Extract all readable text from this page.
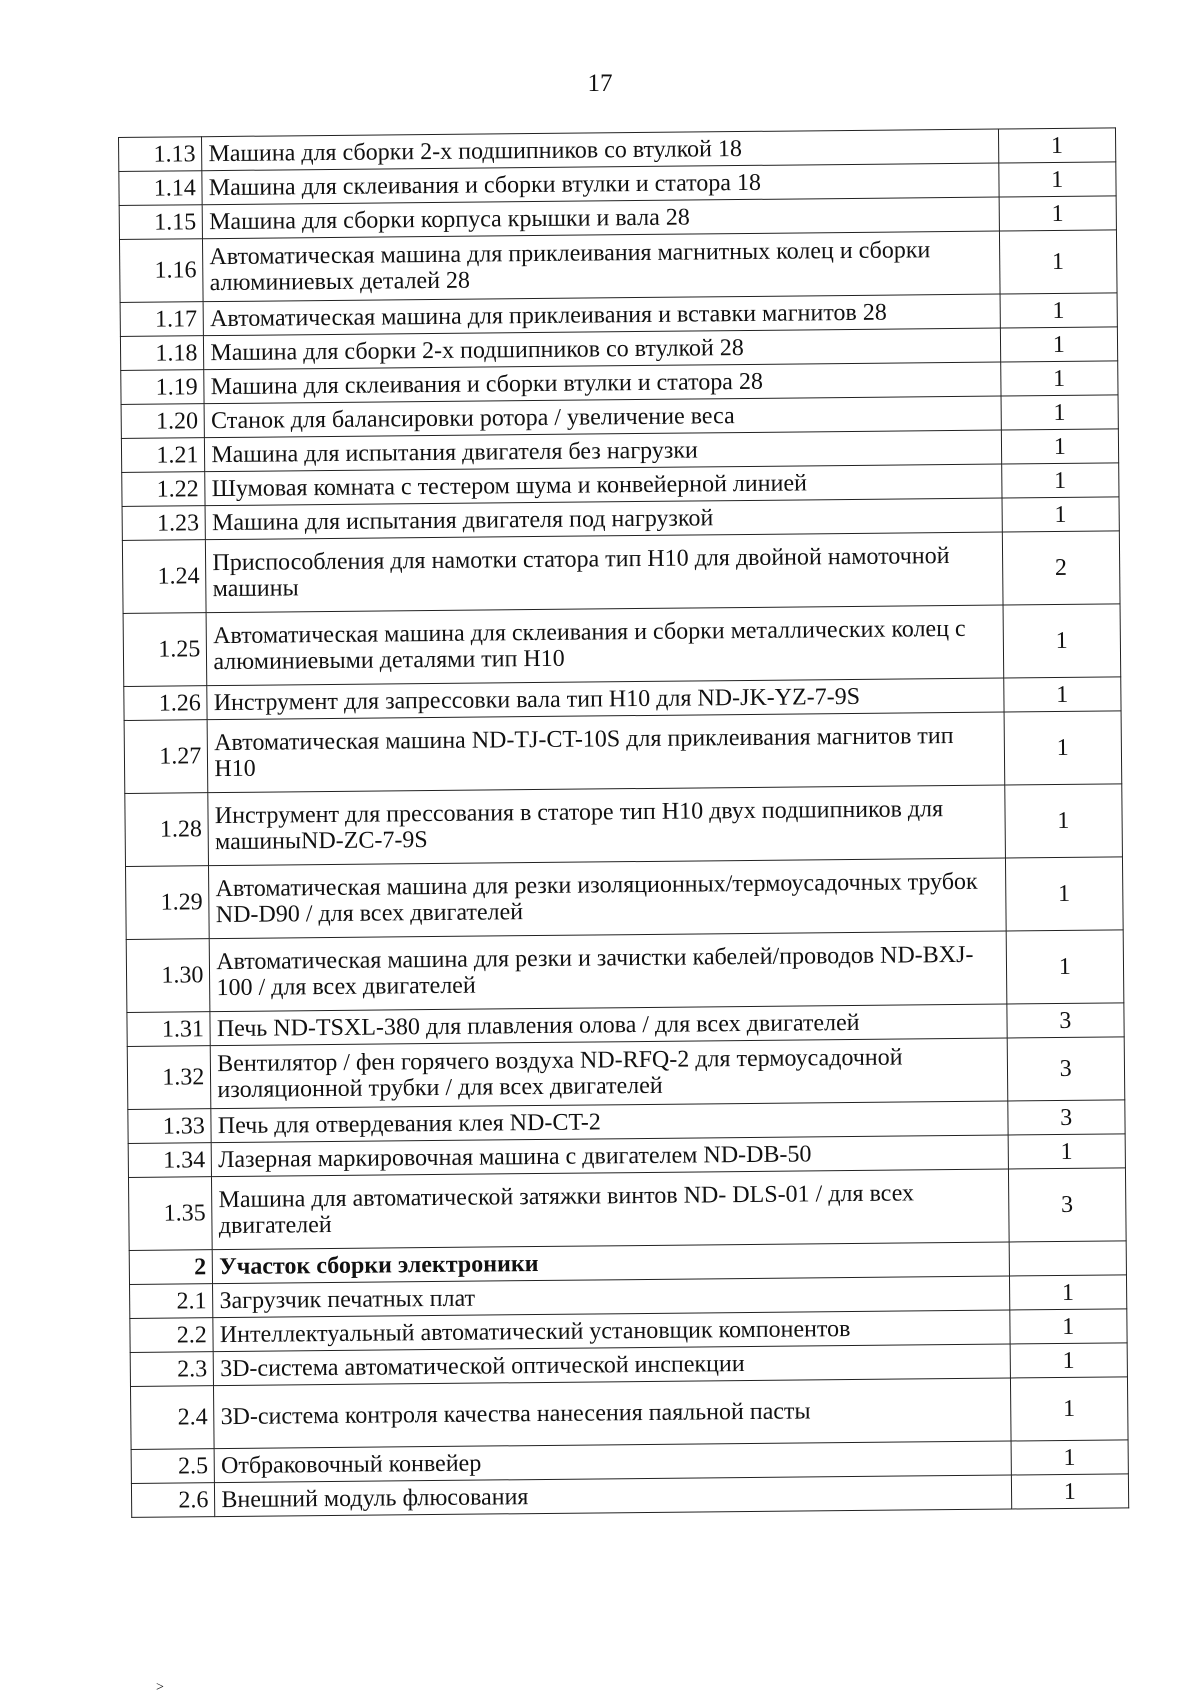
17
1.13	Машина для сборки 2-х подшипников со втулкой 18	1
1.14	Машина для склеивания и сборки втулки и статора 18	1
1.15	Машина для сборки корпуса крышки и вала 28	1
1.16	Автоматическая машина для приклеивания магнитных колец и сборки алюминиевых деталей 28	1
1.17	Автоматическая машина для приклеивания и вставки магнитов 28	1
1.18	Машина для сборки 2-х подшипников со втулкой 28	1
1.19	Машина для склеивания и сборки втулки и статора 28	1
1.20	Станок для балансировки ротора / увеличение веса	1
1.21	Машина для испытания двигателя без нагрузки	1
1.22	Шумовая комната с тестером шума и конвейерной линией	1
1.23	Машина для испытания двигателя под нагрузкой	1
1.24	Приспособления для намотки статора тип H10 для двойной намоточной машины	2
1.25	Автоматическая машина для склеивания и сборки металлических колец с алюминиевыми деталями тип H10	1
1.26	Инструмент для запрессовки вала тип H10 для ND-JK-YZ-7-9S	1
1.27	Автоматическая машина ND-TJ-CT-10S для приклеивания магнитов тип H10	1
1.28	Инструмент для прессования в статоре тип H10 двух подшипников для машиныND-ZC-7-9S	1
1.29	Автоматическая машина для резки изоляционных/термоусадочных трубок ND-D90 / для всех двигателей	1
1.30	Автоматическая машина для резки и зачистки кабелей/проводов ND-BXJ-100 / для всех двигателей	1
1.31	Печь ND-TSXL-380 для плавления олова / для всех двигателей	3
1.32	Вентилятор / фен горячего воздуха ND-RFQ-2 для термоусадочной изоляционной трубки / для всех двигателей	3
1.33	Печь для отвердевания клея ND-CT-2	3
1.34	Лазерная маркировочная машина с двигателем ND-DB-50	1
1.35	Машина для автоматической затяжки винтов ND- DLS-01 / для всех двигателей	3
2	Участок сборки электроники	
2.1	Загрузчик печатных плат	1
2.2	Интеллектуальный автоматический установщик компонентов	1
2.3	3D-система автоматической оптической инспекции	1
2.4	3D-система контроля качества нанесения паяльной пасты	1
2.5	Отбраковочный конвейер	1
2.6	Внешний модуль флюсования	1
˃
